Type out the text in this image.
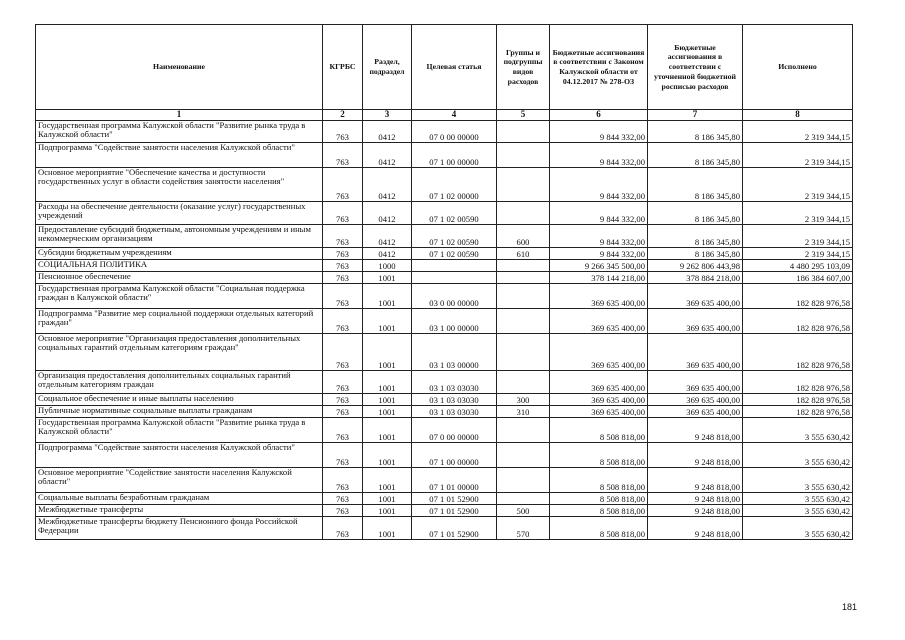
Наименование	КГРБС	Раздел, подраздел	Целевая статья	Группы и подгруппы видов расходов	Бюджетные ассигнования в соответствии с Законом Калужской области от 04.12.2017 № 278-ОЗ	Бюджетные ассигнования в соответствии с уточненной бюджетной росписью расходов	Исполнено
1	2	3	4	5	6	7	8
Государственная программа Калужской области "Развитие рынка труда в Калужской области"	763	0412	07 0 00 00000		9 844 332,00	8 186 345,80	2 319 344,15
Подпрограмма "Содействие занятости населения Калужской области"	763	0412	07 1 00 00000		9 844 332,00	8 186 345,80	2 319 344,15
Основное мероприятие "Обеспечение качества и доступности государственных услуг в области содействия занятости населения"	763	0412	07 1 02 00000		9 844 332,00	8 186 345,80	2 319 344,15
Расходы на обеспечение деятельности (оказание услуг) государственных учреждений	763	0412	07 1 02 00590		9 844 332,00	8 186 345,80	2 319 344,15
Предоставление субсидий бюджетным, автономным учреждениям и иным некоммерческим организациям	763	0412	07 1 02 00590	600	9 844 332,00	8 186 345,80	2 319 344,15
Субсидии бюджетным учреждениям	763	0412	07 1 02 00590	610	9 844 332,00	8 186 345,80	2 319 344,15
СОЦИАЛЬНАЯ ПОЛИТИКА	763	1000			9 266 345 500,00	9 262 806 443,98	4 480 295 103,09
Пенсионное обеспечение	763	1001			378 144 218,00	378 884 218,00	186 384 607,00
Государственная программа Калужской области "Социальная поддержка граждан в Калужской области"	763	1001	03 0 00 00000		369 635 400,00	369 635 400,00	182 828 976,58
Подпрограмма "Развитие мер социальной поддержки отдельных категорий граждан"	763	1001	03 1 00 00000		369 635 400,00	369 635 400,00	182 828 976,58
Основное мероприятие "Организация предоставления дополнительных социальных гарантий отдельным категориям граждан"	763	1001	03 1 03 00000		369 635 400,00	369 635 400,00	182 828 976,58
Организация предоставления дополнительных социальных гарантий отдельным категориям граждан	763	1001	03 1 03 03030		369 635 400,00	369 635 400,00	182 828 976,58
Социальное обеспечение и иные выплаты населению	763	1001	03 1 03 03030	300	369 635 400,00	369 635 400,00	182 828 976,58
Публичные нормативные социальные выплаты гражданам	763	1001	03 1 03 03030	310	369 635 400,00	369 635 400,00	182 828 976,58
Государственная программа Калужской области "Развитие рынка труда в Калужской области"	763	1001	07 0 00 00000		8 508 818,00	9 248 818,00	3 555 630,42
Подпрограмма "Содействие занятости населения Калужской области"	763	1001	07 1 00 00000		8 508 818,00	9 248 818,00	3 555 630,42
Основное мероприятие "Содействие занятости населения Калужской области"	763	1001	07 1 01 00000		8 508 818,00	9 248 818,00	3 555 630,42
Социальные выплаты безработным гражданам	763	1001	07 1 01 52900		8 508 818,00	9 248 818,00	3 555 630,42
Межбюджетные трансферты	763	1001	07 1 01 52900	500	8 508 818,00	9 248 818,00	3 555 630,42
Межбюджетные трансферты бюджету Пенсионного фонда Российской Федерации	763	1001	07 1 01 52900	570	8 508 818,00	9 248 818,00	3 555 630,42
181
